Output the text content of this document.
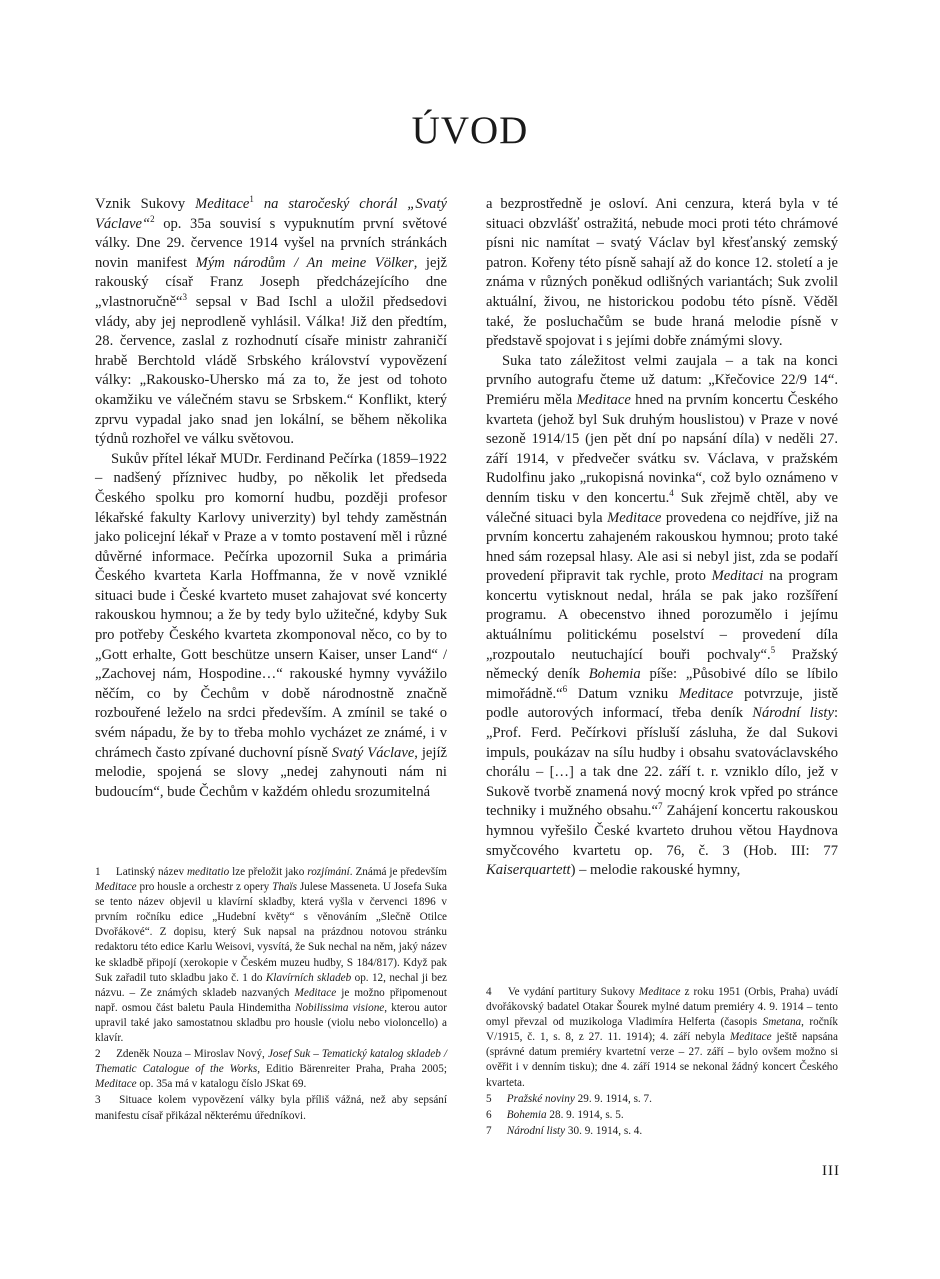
ÚVOD

Vznik Sukovy Meditace$^1$ na staročeský chorál „Svatý Václave“$^2$ op. 35a souvisí s vypuknutím první světové války. Dne 29. července 1914 vyšel na prvních stránkách novin manifest Mým národům / An meine Völker, jejž rakouský císař Franz Joseph předcházejícího dne „vlastnoručně“$^3$ sepsal v Bad Ischl a uložil předsedovi vlády, aby jej neprodleně vyhlásil. Válka! Již den předtím, 28. července, zaslal z rozhodnutí císaře ministr zahraničí hrabě Berchtold vládě Srbského království vypovězení války: „Rakousko-Uhersko má za to, že jest od tohoto okamžiku ve válečném stavu se Srbskem.“ Konflikt, který zprvu vypadal jako snad jen lokální, se během několika týdnů rozhořel ve válku světovou.

Sukův přítel lékař MUDr. Ferdinand Pečírka (1859–1922 – nadšený příznivec hudby, po několik let předseda Českého spolku pro komorní hudbu, později profesor lékařské fakulty Karlovy univerzity) byl tehdy zaměstnán jako policejní lékař v Praze a v tomto postavení měl i různé důvěrné informace. Pečírka upozornil Suka a primária Českého kvarteta Karla Hoffmanna, že v nově vzniklé situaci bude i České kvarteto muset zahajovat své koncerty rakouskou hymnou; a že by tedy bylo užitečné, kdyby Suk pro potřeby Českého kvarteta zkomponoval něco, co by to „Gott erhalte, Gott beschütze unsern Kaiser, unser Land“ / „Zachovej nám, Hospodine…“ rakouské hymny vyvážilo něčím, co by Čechům v době národnostně značně rozbouřené leželo na srdci především. A zmínil se také o svém nápadu, že by to třeba mohlo vycházet ze známé, i v chrámech často zpívané duchovní písně Svatý Václave, jejíž melodie, spojená se slovy „nedej zahynouti nám ni budoucím“, bude Čechům v každém ohledu srozumitelná

a bezprostředně je osloví. Ani cenzura, která byla v té situaci obzvlášť ostražitá, nebude moci proti této chrámové písni nic namítat – svatý Václav byl křesťanský zemský patron. Kořeny této písně sahají až do konce 12. století a je známa v různých poněkud odlišných variantách; Suk zvolil aktuální, živou, ne historickou podobu této písně. Věděl také, že posluchačům se bude hraná melodie písně v představě spojovat i s jejími dobře známými slovy.

Suka tato záležitost velmi zaujala – a tak na konci prvního autografu čteme už datum: „Křečovice 22/9 14“. Premiéru měla Meditace hned na prvním koncertu Českého kvarteta (jehož byl Suk druhým houslistou) v Praze v nové sezoně 1914/15 (jen pět dní po napsání díla) v neděli 27. září 1914, v předvečer svátku sv. Václava, v pražském Rudolfinu jako „rukopisná novinka“, což bylo oznámeno v denním tisku v den koncertu.$^4$ Suk zřejmě chtěl, aby ve válečné situaci byla Meditace provedena co nejdříve, již na prvním koncertu zahajeném rakouskou hymnou; proto také hned sám rozepsal hlasy. Ale asi si nebyl jist, zda se podaří provedení připravit tak rychle, proto Meditaci na program koncertu vytisknout nedal, hrála se pak jako rozšíření programu. A obecenstvo ihned porozumělo i jejímu aktuálnímu politickému poselství – provedení díla „rozpoutalo neutuchající bouři pochvaly“.$^5$ Pražský německý deník Bohemia píše: „Působivé dílo se líbilo mimořádně.“$^6$ Datum vzniku Meditace potvrzuje, jistě podle autorových informací, třeba deník Národní listy: „Prof. Ferd. Pečírkovi přísluší zásluha, že dal Sukovi impuls, poukázav na sílu hudby i obsahu svatováclavského chorálu – […] a tak dne 22. září t. r. vzniklo dílo, jež v Sukově tvorbě znamená nový mocný krok vpřed po stránce techniky i mužného obsahu.“$^7$ Zahájení koncertu rakouskou hymnou vyřešilo České kvarteto druhou větou Haydnova smyčcového kvartetu op. 76, č. 3 (Hob. III: 77 Kaiserquartett) – melodie rakouské hymny,

1 Latinský název meditatio lze přeložit jako rozjímání. Známá je především Meditace pro housle a orchestr z opery Thaïs Julese Masseneta. U Josefa Suka se tento název objevil u klavírní skladby, která vyšla v červenci 1896 v prvním ročníku edice „Hudební květy“ s věnováním „Slečně Otilce Dvořákové“. Z dopisu, který Suk napsal na prázdnou notovou stránku redaktoru této edice Karlu Weisovi, vysvítá, že Suk nechal na něm, jaký název ke skladbě připojí (xerokopie v Českém muzeu hudby, S 184/817). Když pak Suk zařadil tuto skladbu jako č. 1 do Klavírních skladeb op. 12, nechal ji bez názvu. – Ze známých skladeb nazvaných Meditace je možno připomenout např. osmou část baletu Paula Hindemitha Nobilissima visione, kterou autor upravil také jako samostatnou skladbu pro housle (violu nebo violoncello) a klavír.

2 Zdeněk Nouza – Miroslav Nový, Josef Suk – Tematický katalog skladeb / Thematic Catalogue of the Works, Editio Bärenreiter Praha, Praha 2005; Meditace op. 35a má v katalogu číslo JSkat 69.

3 Situace kolem vypovězení války byla příliš vážná, než aby sepsání manifestu císař přikázal některému úředníkovi.

4 Ve vydání partitury Sukovy Meditace z roku 1951 (Orbis, Praha) uvádí dvořákovský badatel Otakar Šourek mylné datum premiéry 4. 9. 1914 – tento omyl převzal od muzikologa Vladimíra Helferta (časopis Smetana, ročník V/1915, č. 1, s. 8, z 27. 11. 1914); 4. září nebyla Meditace ještě napsána (správné datum premiéry kvartetní verze – 27. září – bylo ovšem možno si ověřit i v denním tisku); dne 4. září 1914 se nekonal žádný koncert Českého kvarteta.

5 Pražské noviny 29. 9. 1914, s. 7.

6 Bohemia 28. 9. 1914, s. 5.

7 Národní listy 30. 9. 1914, s. 4.

III
